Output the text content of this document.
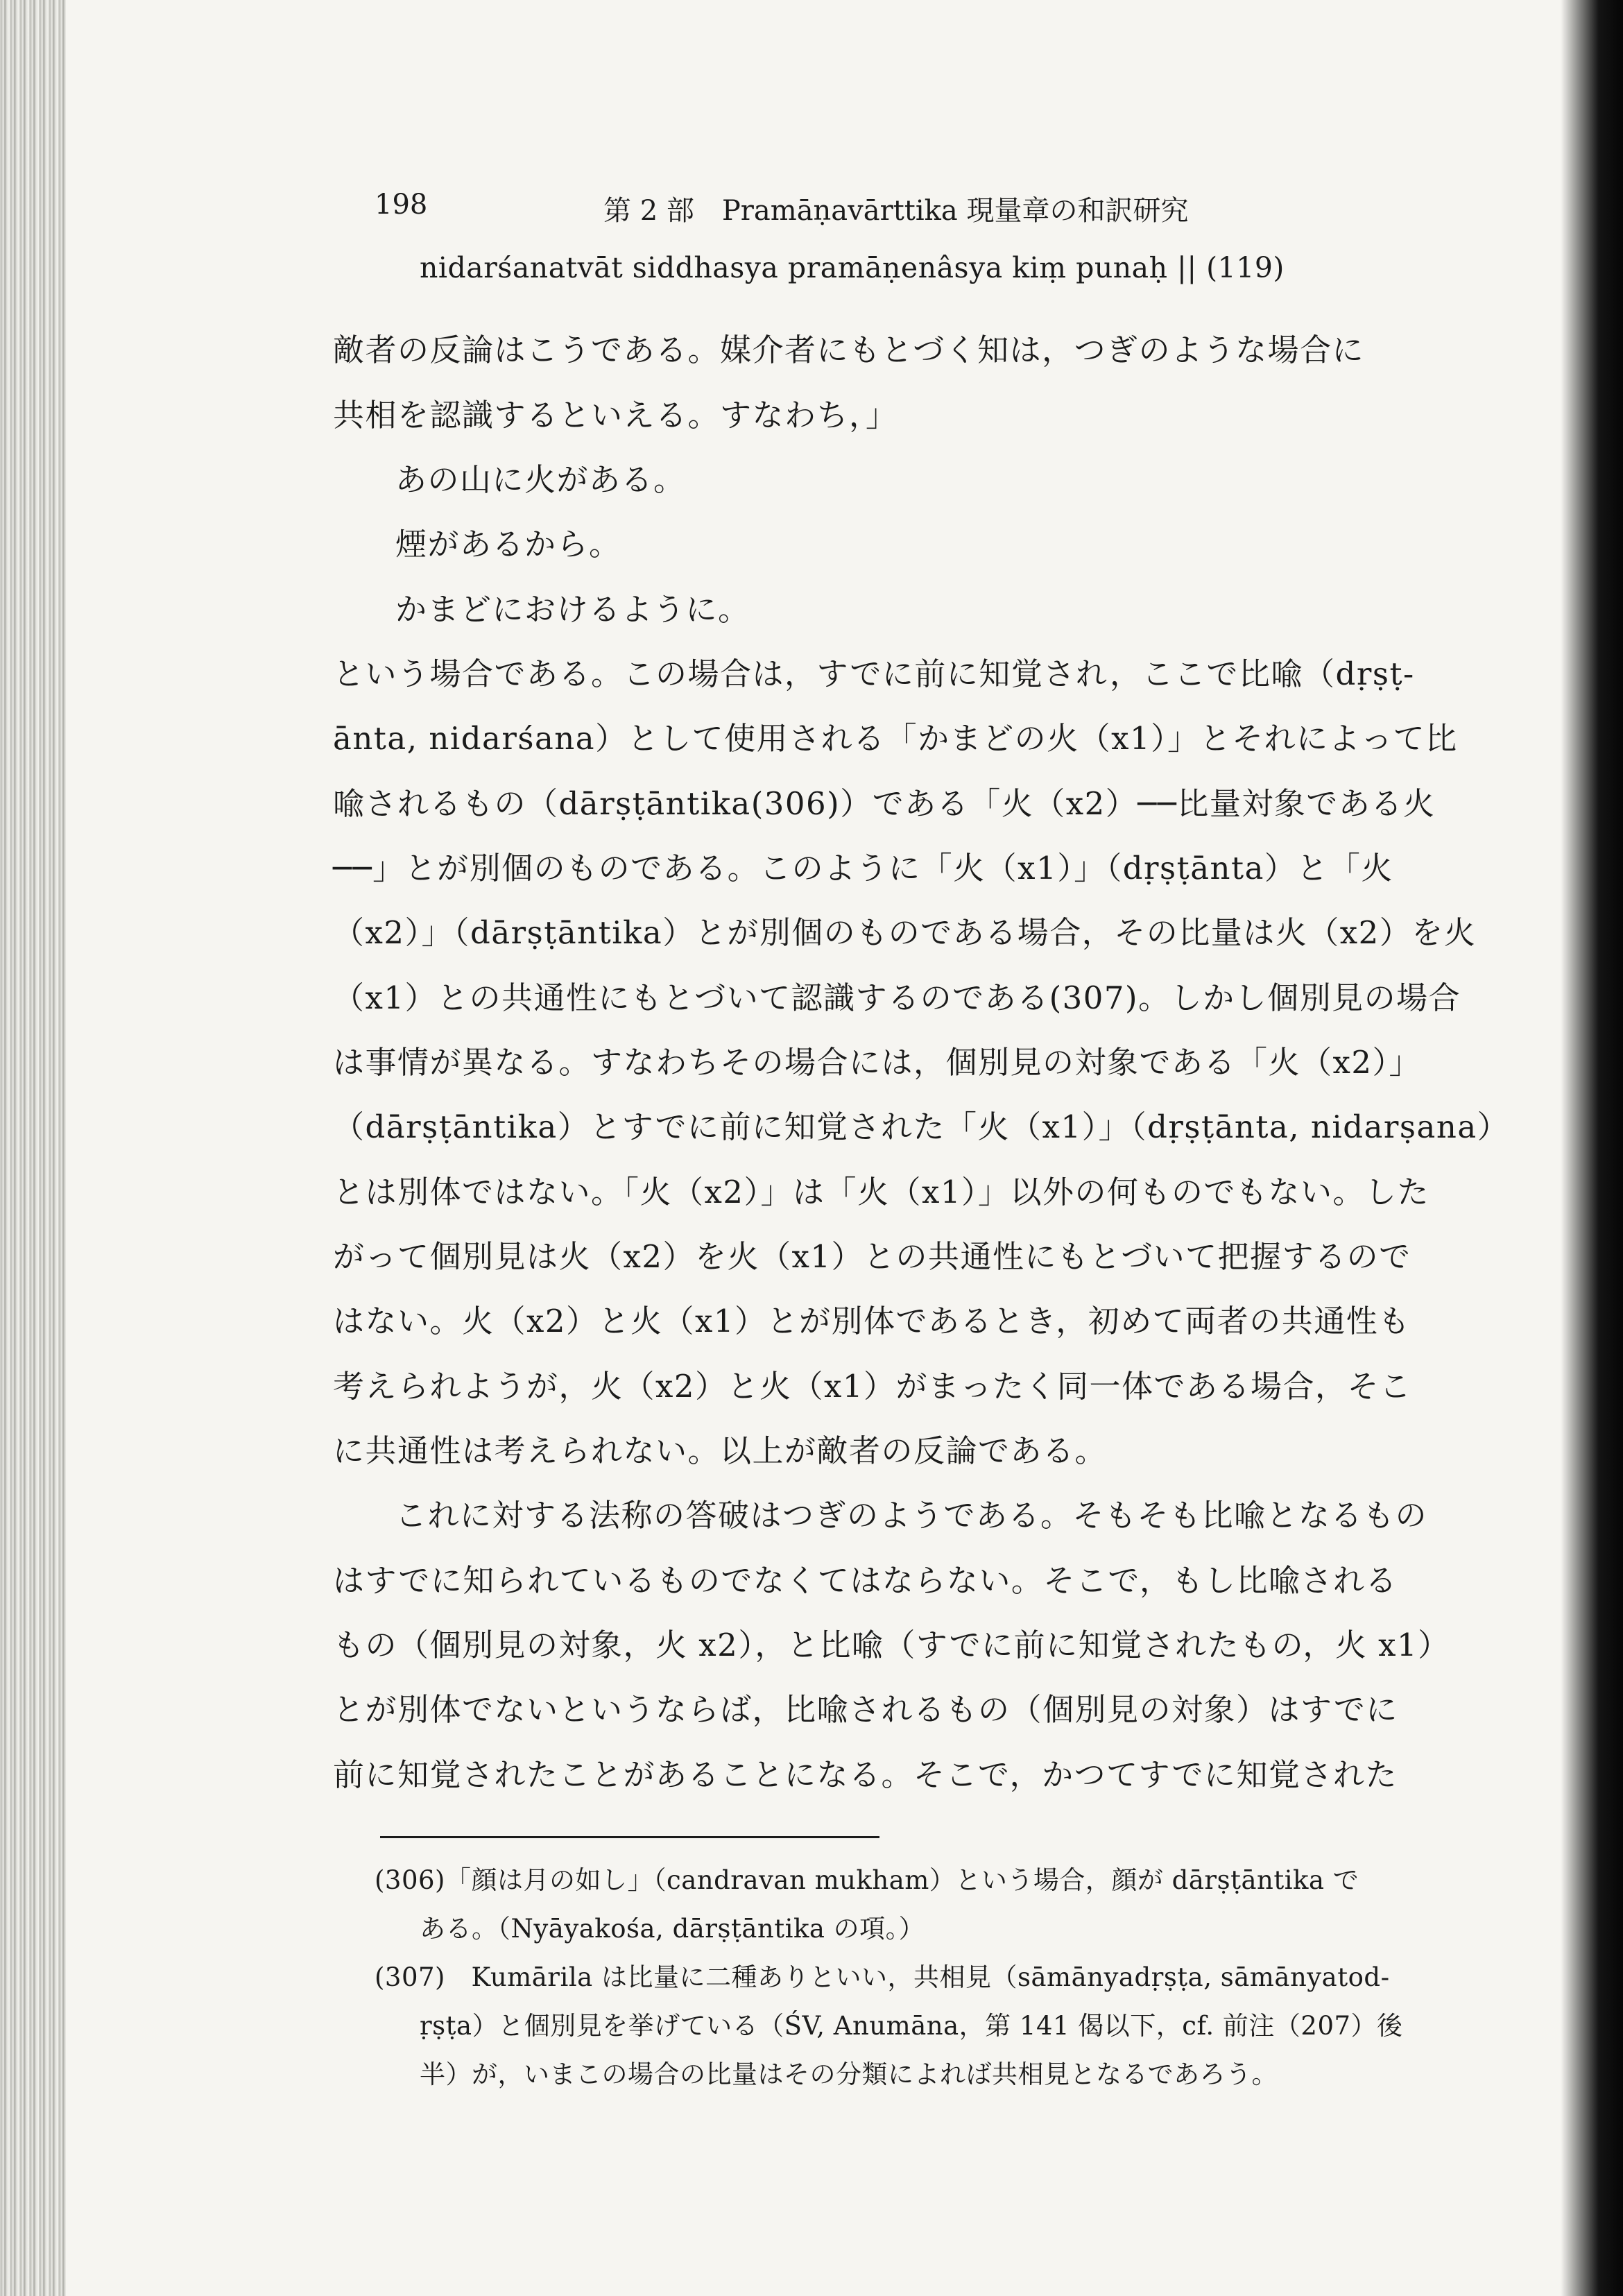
198	第 2 部　Pramāṇavārttika 現量章の和訳研究
nidarśanatvāt siddhasya pramāṇenâsya kiṃ punaḥ || (119)
敵者の反論はこうである。媒介者にもとづく知は，つぎのような場合に
共相を認識するといえる。すなわち，」
あの山に火がある。
煙があるから。
かまどにおけるように。
という場合である。この場合は，すでに前に知覚され，ここで比喩（dṛṣṭ-
ānta, nidarśana）として使用される「かまどの火（x1）」とそれによって比
喩されるもの（dārṣṭāntika(306)）である「火（x2）──比量対象である火
──」とが別個のものである。このように「火（x1）」（dṛṣṭānta）と「火
（x2）」（dārṣṭāntika）とが別個のものである場合，その比量は火（x2）を火
（x1）との共通性にもとづいて認識するのである(307)。しかし個別見の場合
は事情が異なる。すなわちその場合には，個別見の対象である「火（x2）」
（dārṣṭāntika）とすでに前に知覚された「火（x1）」（dṛṣṭānta, nidarṣana）
とは別体ではない。「火（x2）」は「火（x1）」以外の何ものでもない。した
がって個別見は火（x2）を火（x1）との共通性にもとづいて把握するので
はない。火（x2）と火（x1）とが別体であるとき，初めて両者の共通性も
考えられようが，火（x2）と火（x1）がまったく同一体である場合，そこ
に共通性は考えられない。以上が敵者の反論である。
これに対する法称の答破はつぎのようである。そもそも比喩となるもの
はすでに知られているものでなくてはならない。そこで，もし比喩される
もの（個別見の対象，火 x2），と比喩（すでに前に知覚されたもの，火 x1）
とが別体でないというならば，比喩されるもの（個別見の対象）はすでに
前に知覚されたことがあることになる。そこで，かつてすでに知覚された
(306)「顔は月の如し」（candravan mukham）という場合，顔が dārṣṭāntika で
ある。（Nyāyakośa, dārṣṭāntika の項。）
(307)　Kumārila は比量に二種ありといい，共相見（sāmānyadṛṣṭa, sāmānyatod-
ṛṣṭa）と個別見を挙げている（ŚV, Anumāna，第 141 偈以下，cf. 前注（207）後
半）が，いまこの場合の比量はその分類によれば共相見となるであろう。
